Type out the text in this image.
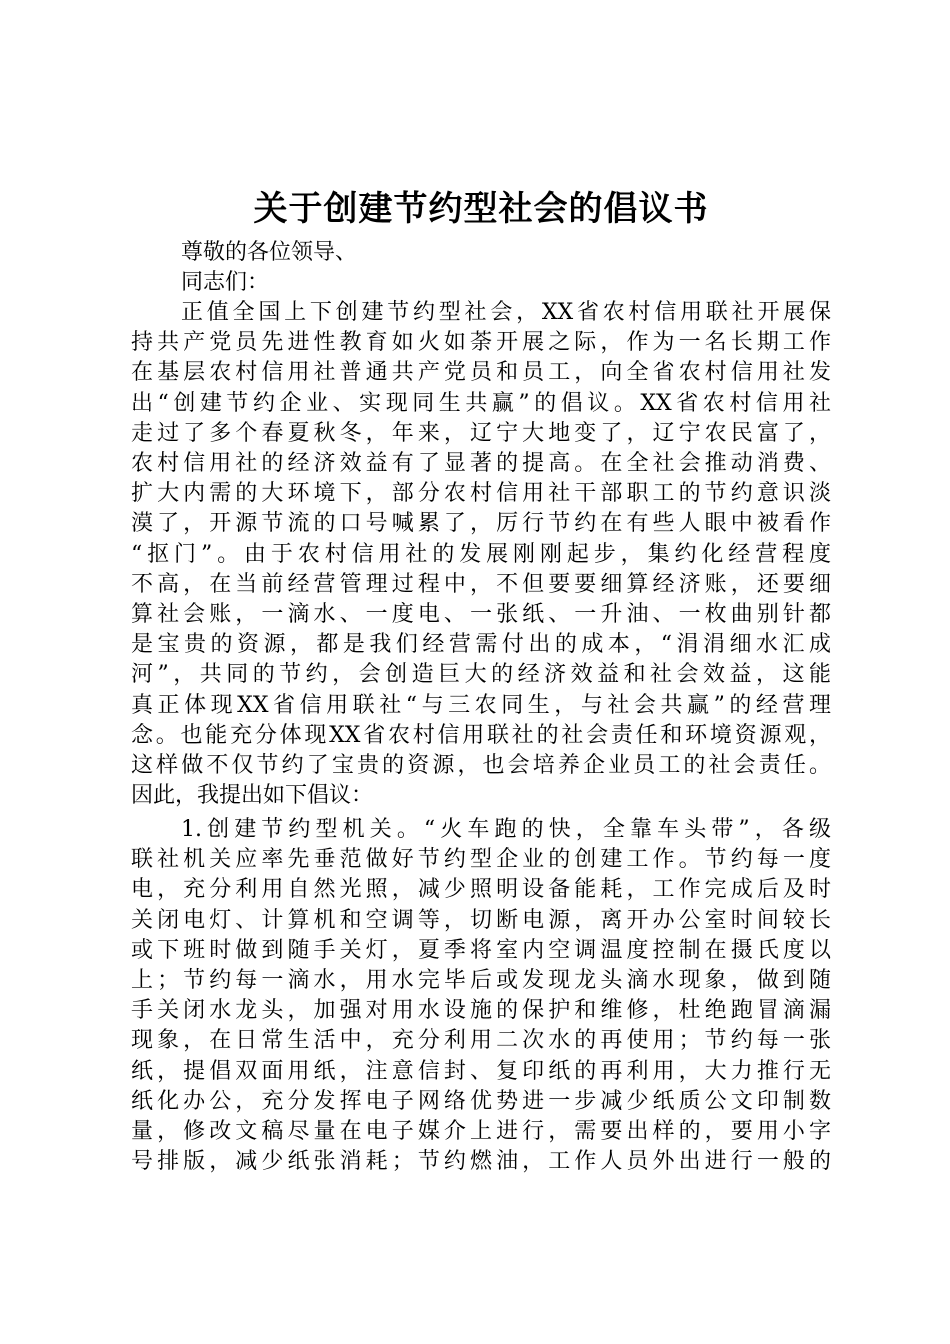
关于创建节约型社会的倡议书
尊敬的各位领导、
同志们：
正值全国上下创建节约型社会，XX省农村信用联社开展保
持共产党员先进性教育如火如荼开展之际，作为一名长期工作
在基层农村信用社普通共产党员和员工，向全省农村信用社发
出“创建节约企业、实现同生共赢”的倡议。XX省农村信用社
走过了多个春夏秋冬，年来，辽宁大地变了，辽宁农民富了，
农村信用社的经济效益有了显著的提高。在全社会推动消费、
扩大内需的大环境下，部分农村信用社干部职工的节约意识淡
漠了，开源节流的口号喊累了，厉行节约在有些人眼中被看作
“抠门”。由于农村信用社的发展刚刚起步，集约化经营程度
不高，在当前经营管理过程中，不但要要细算经济账，还要细
算社会账，一滴水、一度电、一张纸、一升油、一枚曲别针都
是宝贵的资源，都是我们经营需付出的成本，“涓涓细水汇成
河”，共同的节约，会创造巨大的经济效益和社会效益，这能
真正体现XX省信用联社“与三农同生，与社会共赢”的经营理
念。也能充分体现XX省农村信用联社的社会责任和环境资源观，
这样做不仅节约了宝贵的资源，也会培养企业员工的社会责任。
因此，我提出如下倡议：
1.创建节约型机关。“火车跑的快，全靠车头带”，各级
联社机关应率先垂范做好节约型企业的创建工作。节约每一度
电，充分利用自然光照，减少照明设备能耗，工作完成后及时
关闭电灯、计算机和空调等，切断电源，离开办公室时间较长
或下班时做到随手关灯，夏季将室内空调温度控制在摄氏度以
上；节约每一滴水，用水完毕后或发现龙头滴水现象，做到随
手关闭水龙头，加强对用水设施的保护和维修，杜绝跑冒滴漏
现象，在日常生活中，充分利用二次水的再使用；节约每一张
纸，提倡双面用纸，注意信封、复印纸的再利用，大力推行无
纸化办公，充分发挥电子网络优势进一步减少纸质公文印制数
量，修改文稿尽量在电子媒介上进行，需要出样的，要用小字
号排版，减少纸张消耗；节约燃油，工作人员外出进行一般的
